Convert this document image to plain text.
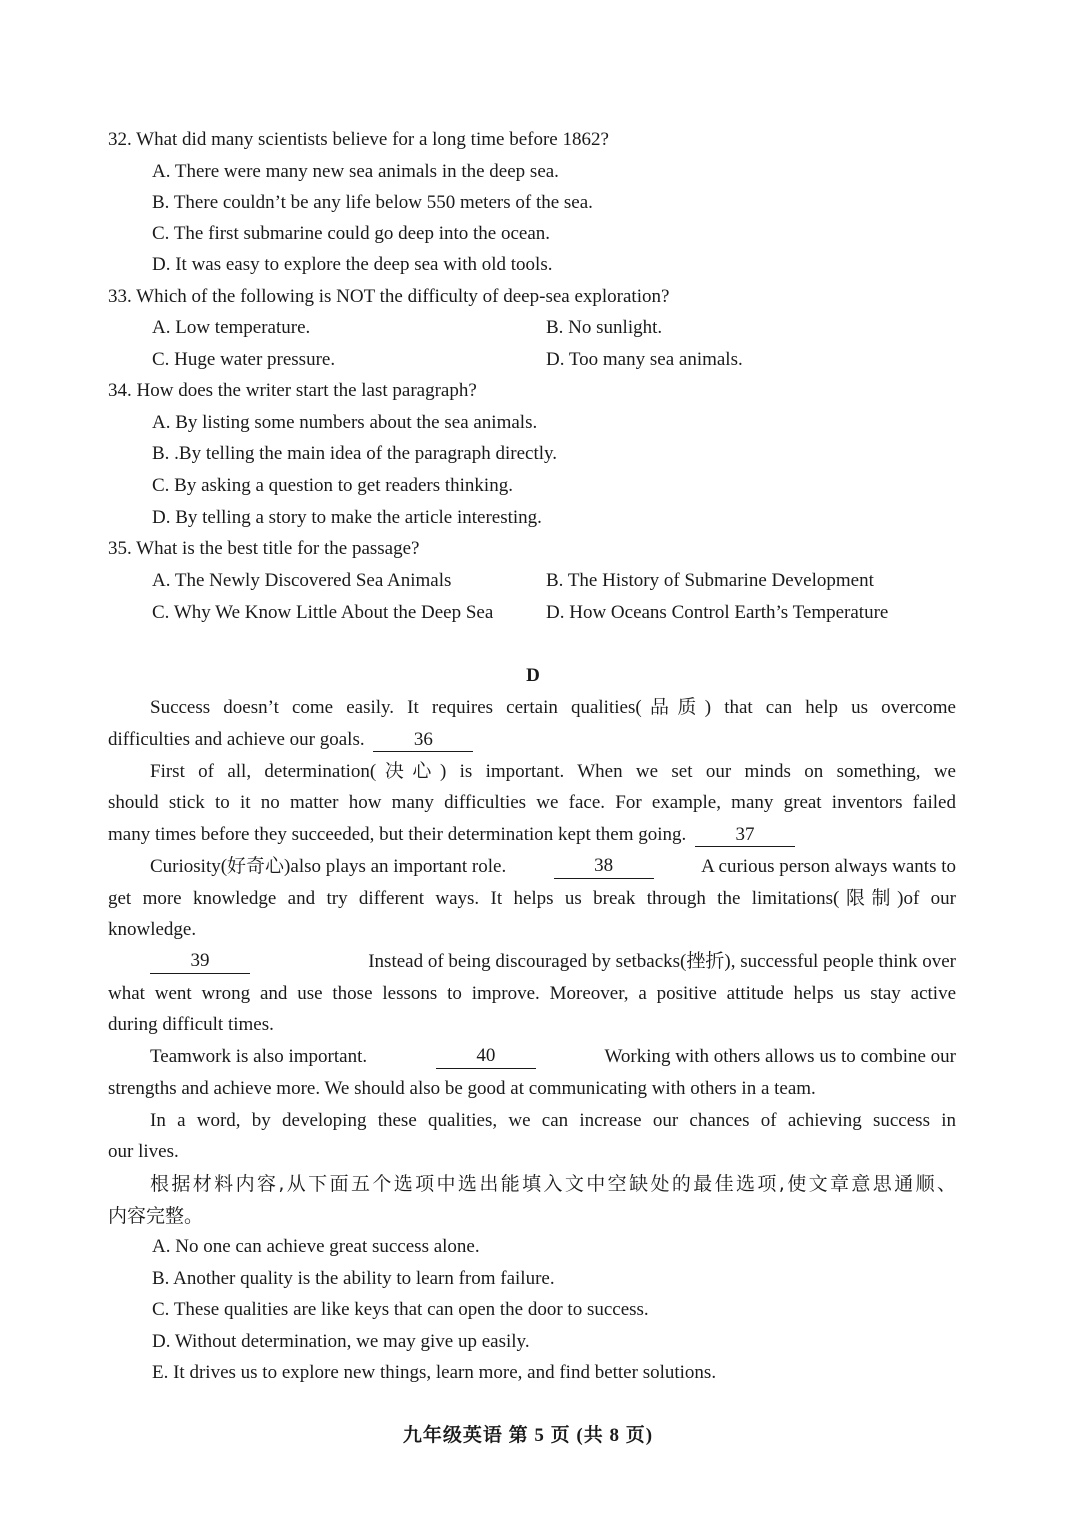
32. What did many scientists believe for a long time before 1862?
A. There were many new sea animals in the deep sea.
B. There couldn’t be any life below 550 meters of the sea.
C. The first submarine could go deep into the ocean.
D. It was easy to explore the deep sea with old tools.
33. Which of the following is NOT the difficulty of deep-sea exploration?
A. Low temperature.	B. No sunlight.
C. Huge water pressure.	D. Too many sea animals.
34. How does the writer start the last paragraph?
A. By listing some numbers about the sea animals.
B. .By telling the main idea of the paragraph directly.
C. By asking a question to get readers thinking.
D. By telling a story to make the article interesting.
35. What is the best title for the passage?
A. The Newly Discovered Sea Animals	B. The History of Submarine Development
C. Why We Know Little About the Deep Sea	D. How Oceans Control Earth’s Temperature
D
Success doesn’t come easily. It requires certain qualities(品质) that can help us overcome
difficulties and achieve our goals.	36
First of all, determination(决心) is important. When we set our minds on something, we
should stick to it no matter how many difficulties we face. For example, many great inventors failed
many times before they succeeded, but their determination kept them going.	37
Curiosity(好奇心)also plays an important role.	38	A curious person always wants to
get more knowledge and try different ways. It helps us break through the limitations(限制)of our
knowledge.
39	Instead of being discouraged by setbacks(挫折), successful people think over
what went wrong and use those lessons to improve. Moreover, a positive attitude helps us stay active
during difficult times.
Teamwork is also important.	40	Working with others allows us to combine our
strengths and achieve more. We should also be good at communicating with others in a team.
In a word, by developing these qualities, we can increase our chances of achieving success in
our lives.
根据材料内容,从下面五个选项中选出能填入文中空缺处的最佳选项,使文章意思通顺、
内容完整。
A. No one can achieve great success alone.
B. Another quality is the ability to learn from failure.
C. These qualities are like keys that can open the door to success.
D. Without determination, we may give up easily.
E. It drives us to explore new things, learn more, and find better solutions.
九年级英语 第 5 页 (共 8 页)
